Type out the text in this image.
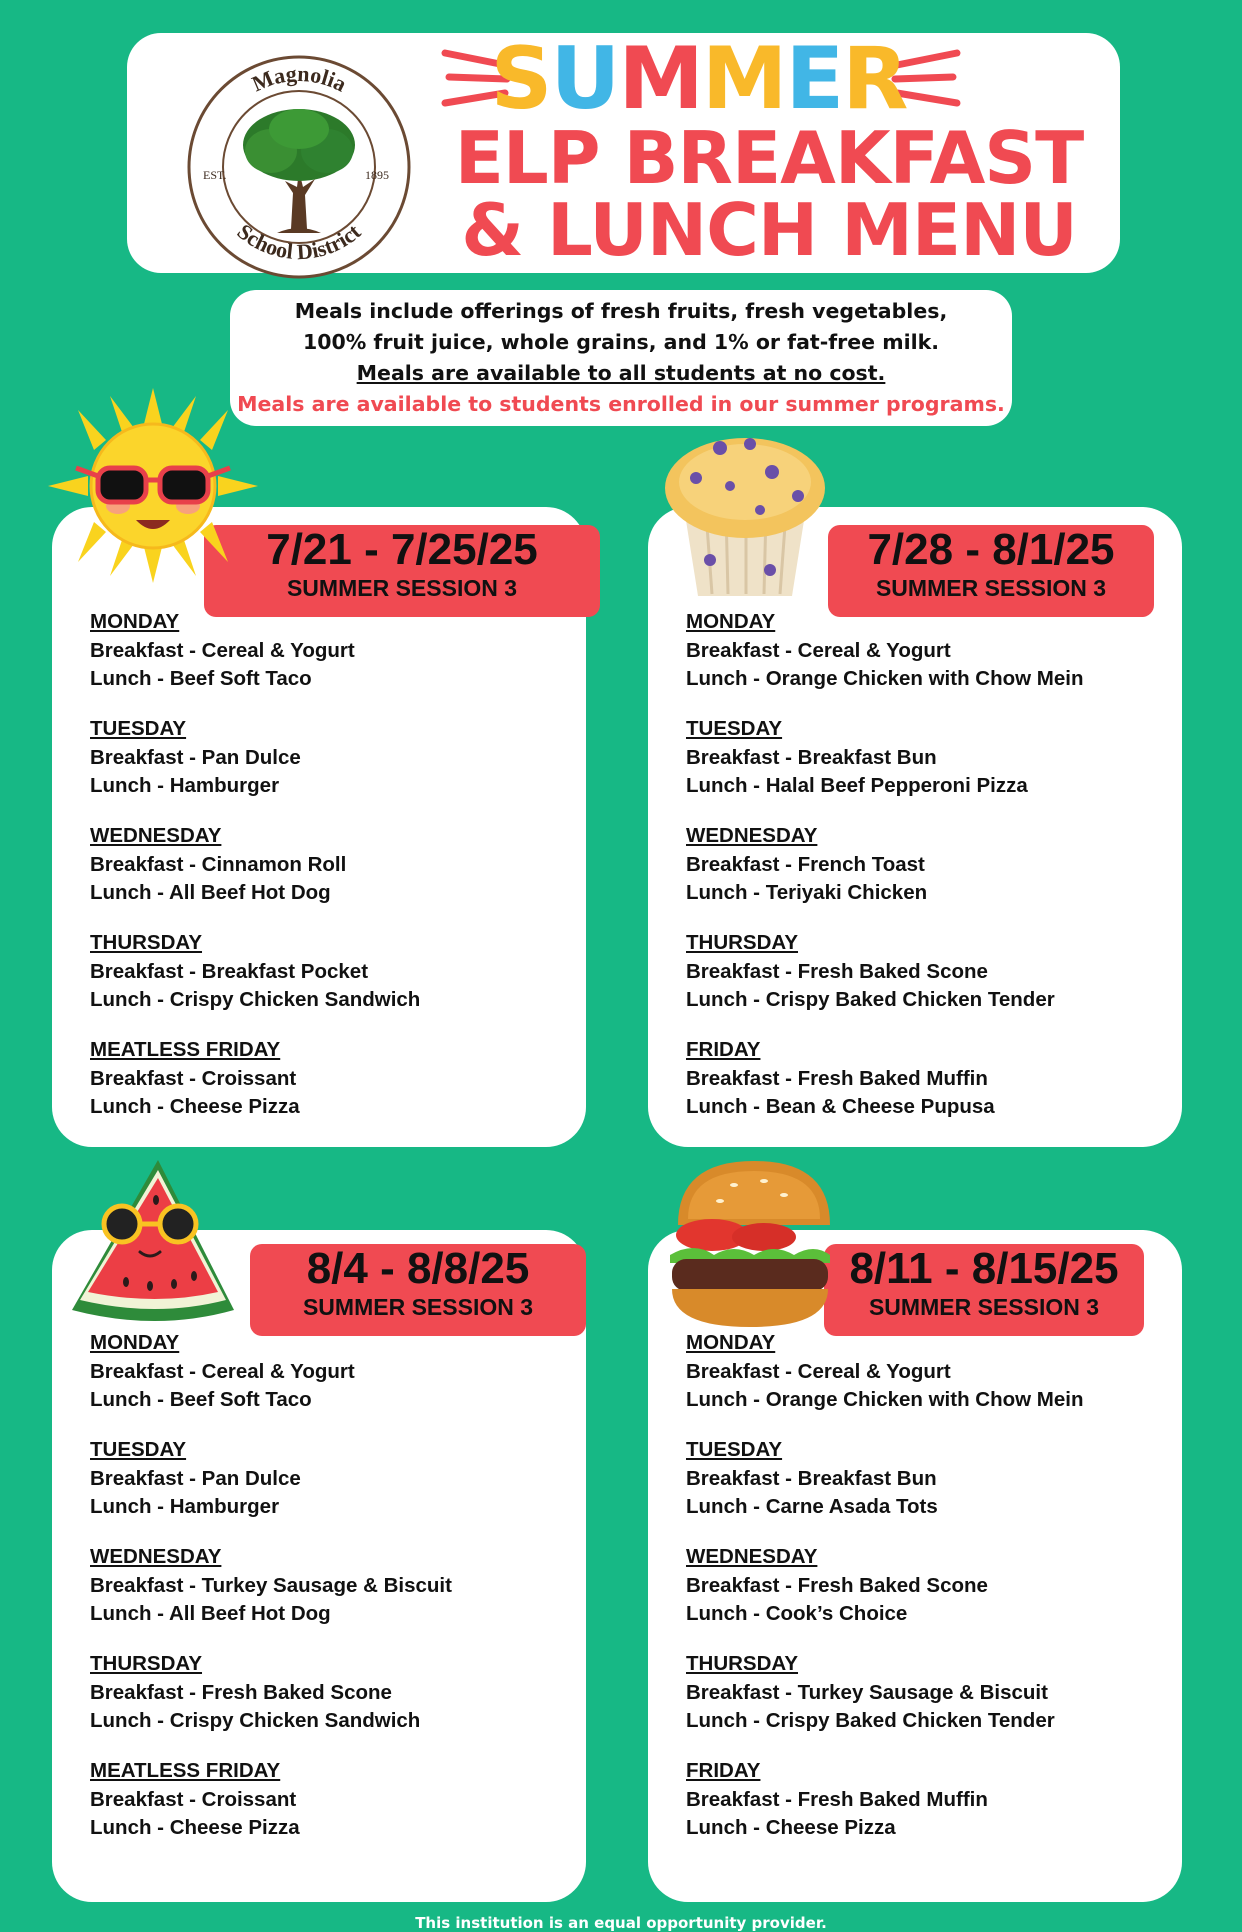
Magnolia
School District
EST.	1895
SUMMER
ELP BREAKFAST
& LUNCH MENU
Meals include offerings of fresh fruits, fresh vegetables,
100% fruit juice, whole grains, and 1% or fat-free milk.
Meals are available to all students at no cost.
Meals are available to students enrolled in our summer programs.
7/21 - 7/25/25
SUMMER SESSION 3
MONDAY
Breakfast - Cereal & Yogurt
Lunch - Beef Soft Taco
TUESDAY
Breakfast - Pan Dulce
Lunch - Hamburger
WEDNESDAY
Breakfast - Cinnamon Roll
Lunch - All Beef Hot Dog
THURSDAY
Breakfast - Breakfast Pocket
Lunch - Crispy Chicken Sandwich
MEATLESS FRIDAY
Breakfast - Croissant
Lunch - Cheese Pizza
7/28 - 8/1/25
SUMMER SESSION 3
MONDAY
Breakfast - Cereal & Yogurt
Lunch - Orange Chicken with Chow Mein
TUESDAY
Breakfast - Breakfast Bun
Lunch - Halal Beef Pepperoni Pizza
WEDNESDAY
Breakfast - French Toast
Lunch - Teriyaki Chicken
THURSDAY
Breakfast - Fresh Baked Scone
Lunch - Crispy Baked Chicken Tender
FRIDAY
Breakfast - Fresh Baked Muffin
Lunch - Bean & Cheese Pupusa
8/4 - 8/8/25
SUMMER SESSION 3
MONDAY
Breakfast - Cereal & Yogurt
Lunch - Beef Soft Taco
TUESDAY
Breakfast - Pan Dulce
Lunch - Hamburger
WEDNESDAY
Breakfast - Turkey Sausage & Biscuit
Lunch - All Beef Hot Dog
THURSDAY
Breakfast - Fresh Baked Scone
Lunch - Crispy Chicken Sandwich
MEATLESS FRIDAY
Breakfast - Croissant
Lunch - Cheese Pizza
8/11 - 8/15/25
SUMMER SESSION 3
MONDAY
Breakfast - Cereal & Yogurt
Lunch - Orange Chicken with Chow Mein
TUESDAY
Breakfast - Breakfast Bun
Lunch - Carne Asada Tots
WEDNESDAY
Breakfast - Fresh Baked Scone
Lunch - Cook’s Choice
THURSDAY
Breakfast - Turkey Sausage & Biscuit
Lunch - Crispy Baked Chicken Tender
FRIDAY
Breakfast - Fresh Baked Muffin
Lunch - Cheese Pizza
This institution is an equal opportunity provider.
